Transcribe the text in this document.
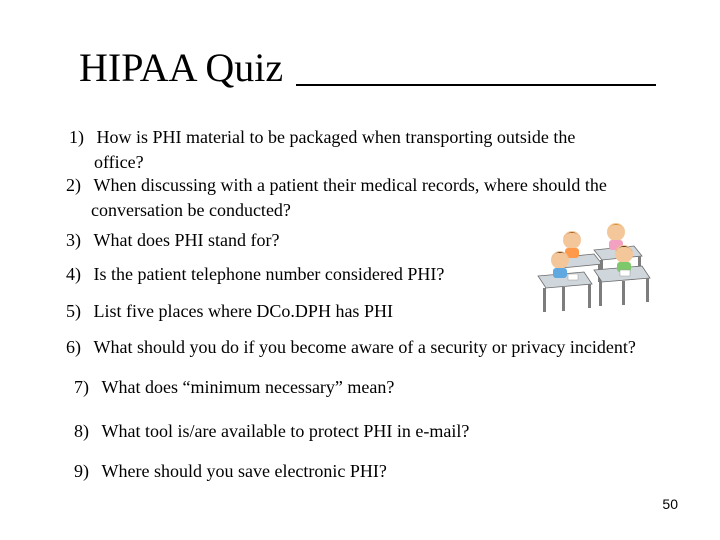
HIPAA Quiz
1) How is PHI material to be packaged when transporting outside the
office?
2) When discussing with a patient their medical records, where should the
conversation be conducted?
3) What does PHI stand for?
4) Is the patient telephone number considered PHI?
5) List five places where DCo.DPH has PHI
6) What should you do if you become aware of a security or privacy incident?
7) What does “minimum necessary” mean?
8) What tool is/are available to protect PHI in e-mail?
9) Where should you save electronic PHI?
50
